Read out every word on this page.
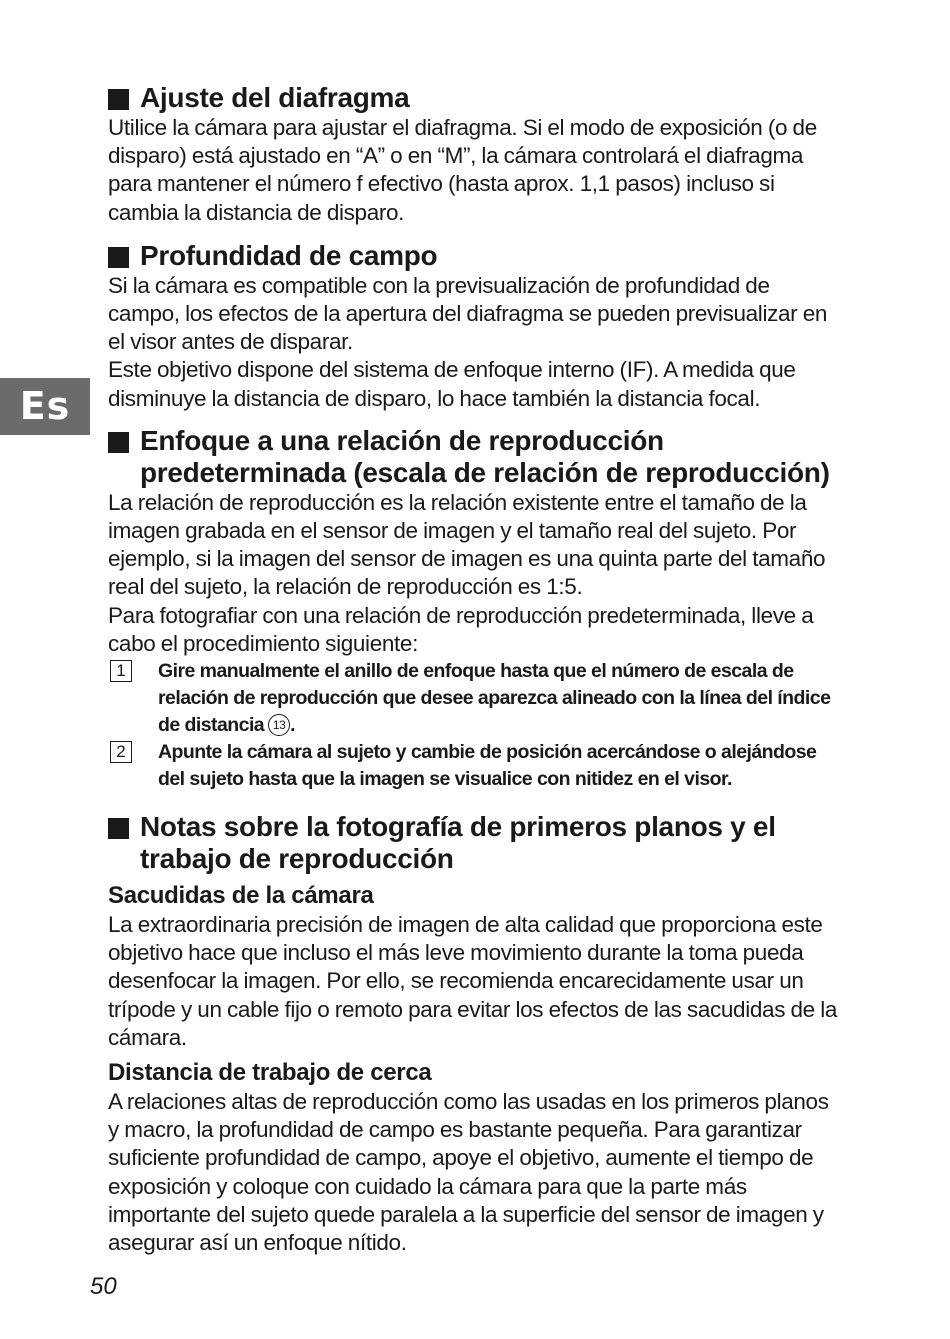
Es
Ajuste del diafragma

Utilice la cámara para ajustar el diafragma. Si el modo de exposición (o de disparo) está ajustado en “A” o en “M”, la cámara controlará el diafragma para mantener el número f efectivo (hasta aprox. 1,1 pasos) incluso si cambia la distancia de disparo.

Profundidad de campo

Si la cámara es compatible con la previsualización de profundidad de campo, los efectos de la apertura del diafragma se pueden previsualizar en el visor antes de disparar.

Este objetivo dispone del sistema de enfoque interno (IF). A medida que disminuye la distancia de disparo, lo hace también la distancia focal.

Enfoque a una relación de reproducción predeterminada (escala de relación de reproducción)

La relación de reproducción es la relación existente entre el tamaño de la imagen grabada en el sensor de imagen y el tamaño real del sujeto. Por ejemplo, si la imagen del sensor de imagen es una quinta parte del tamaño real del sujeto, la relación de reproducción es 1:5.

Para fotografiar con una relación de reproducción predeterminada, lleve a cabo el procedimiento siguiente:

1	Gire manualmente el anillo de enfoque hasta que el número de escala de relación de reproducción que desee aparezca alineado con la línea del índice de distancia 13 .
2	Apunte la cámara al sujeto y cambie de posición acercándose o alejándose del sujeto hasta que la imagen se visualice con nitidez en el visor.
Notas sobre la fotografía de primeros planos y el trabajo de reproducción
Sacudidas de la cámara

La extraordinaria precisión de imagen de alta calidad que proporciona este objetivo hace que incluso el más leve movimiento durante la toma pueda desenfocar la imagen. Por ello, se recomienda encarecidamente usar un trípode y un cable fijo o remoto para evitar los efectos de las sacudidas de la cámara.

Distancia de trabajo de cerca

A relaciones altas de reproducción como las usadas en los primeros planos y macro, la profundidad de campo es bastante pequeña. Para garantizar suficiente profundidad de campo, apoye el objetivo, aumente el tiempo de exposición y coloque con cuidado la cámara para que la parte más importante del sujeto quede paralela a la superficie del sensor de imagen y asegurar así un enfoque nítido.

50
